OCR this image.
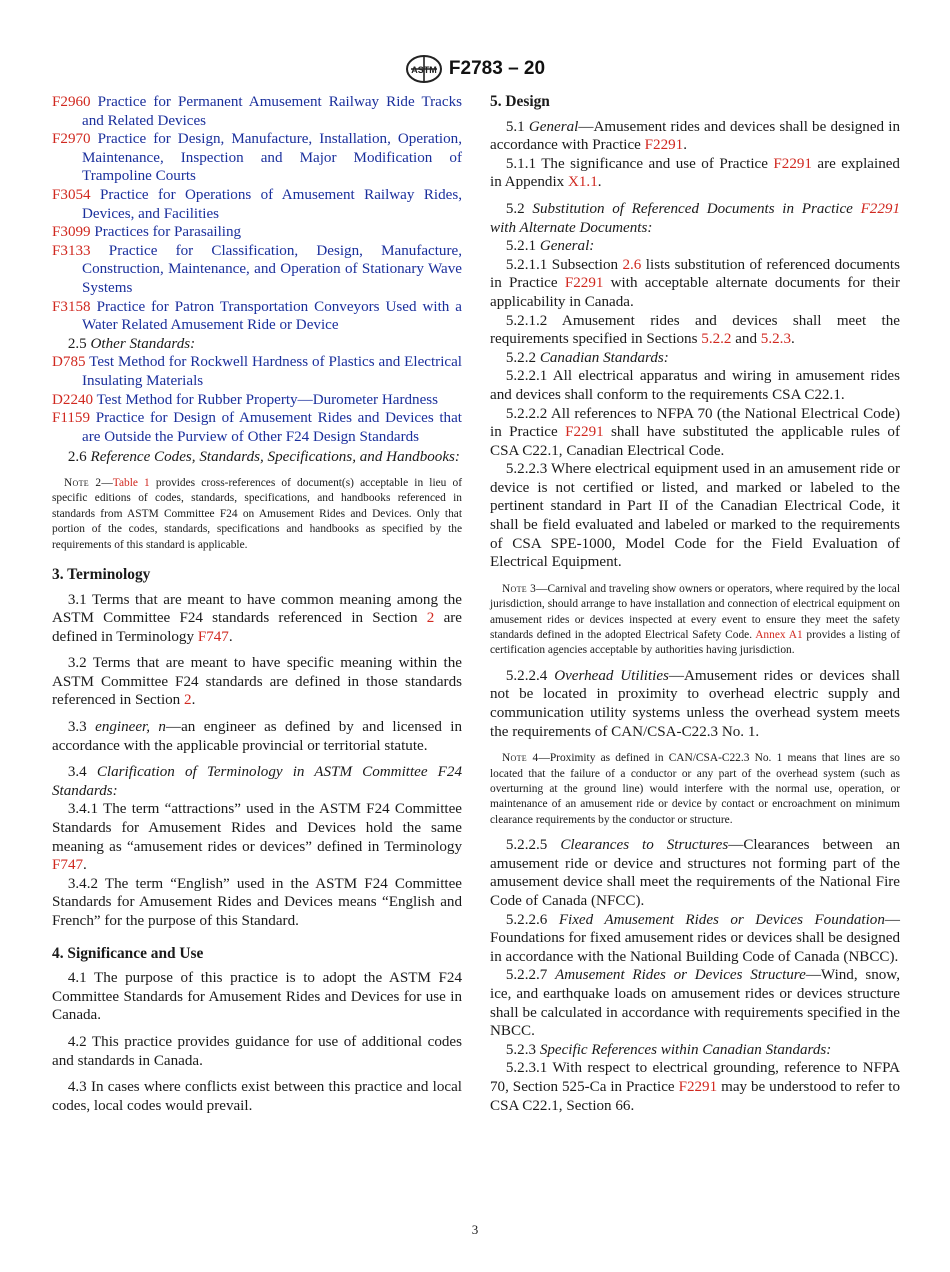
ASTM F2783 – 20

F2960 Practice for Permanent Amusement Railway Ride Tracks and Related Devices

F2970 Practice for Design, Manufacture, Installation, Operation, Maintenance, Inspection and Major Modification of Trampoline Courts

F3054 Practice for Operations of Amusement Railway Rides, Devices, and Facilities

F3099 Practices for Parasailing

F3133 Practice for Classification, Design, Manufacture, Construction, Maintenance, and Operation of Stationary Wave Systems

F3158 Practice for Patron Transportation Conveyors Used with a Water Related Amusement Ride or Device

2.5 Other Standards:

D785 Test Method for Rockwell Hardness of Plastics and Electrical Insulating Materials

D2240 Test Method for Rubber Property—Durometer Hardness

F1159 Practice for Design of Amusement Rides and Devices that are Outside the Purview of Other F24 Design Standards

2.6 Reference Codes, Standards, Specifications, and Handbooks:

Note 2—Table 1 provides cross-references of document(s) acceptable in lieu of specific editions of codes, standards, specifications, and handbooks referenced in standards from ASTM Committee F24 on Amusement Rides and Devices. Only that portion of the codes, standards, specifications and handbooks as specified by the requirements of this standard is applicable.

3. Terminology

3.1 Terms that are meant to have common meaning among the ASTM Committee F24 standards referenced in Section 2 are defined in Terminology F747.

3.2 Terms that are meant to have specific meaning within the ASTM Committee F24 standards are defined in those standards referenced in Section 2.

3.3 engineer, n—an engineer as defined by and licensed in accordance with the applicable provincial or territorial statute.

3.4 Clarification of Terminology in ASTM Committee F24 Standards:

3.4.1 The term “attractions” used in the ASTM F24 Committee Standards for Amusement Rides and Devices hold the same meaning as “amusement rides or devices” defined in Terminology F747.

3.4.2 The term “English” used in the ASTM F24 Committee Standards for Amusement Rides and Devices means “English and French” for the purpose of this Standard.

4. Significance and Use

4.1 The purpose of this practice is to adopt the ASTM F24 Committee Standards for Amusement Rides and Devices for use in Canada.

4.2 This practice provides guidance for use of additional codes and standards in Canada.

4.3 In cases where conflicts exist between this practice and local codes, local codes would prevail.

5. Design

5.1 General—Amusement rides and devices shall be designed in accordance with Practice F2291.

5.1.1 The significance and use of Practice F2291 are explained in Appendix X1.1.

5.2 Substitution of Referenced Documents in Practice F2291 with Alternate Documents:

5.2.1 General:

5.2.1.1 Subsection 2.6 lists substitution of referenced documents in Practice F2291 with acceptable alternate documents for their applicability in Canada.

5.2.1.2 Amusement rides and devices shall meet the requirements specified in Sections 5.2.2 and 5.2.3.

5.2.2 Canadian Standards:

5.2.2.1 All electrical apparatus and wiring in amusement rides and devices shall conform to the requirements CSA C22.1.

5.2.2.2 All references to NFPA 70 (the National Electrical Code) in Practice F2291 shall have substituted the applicable rules of CSA C22.1, Canadian Electrical Code.

5.2.2.3 Where electrical equipment used in an amusement ride or device is not certified or listed, and marked or labeled to the pertinent standard in Part II of the Canadian Electrical Code, it shall be field evaluated and labeled or marked to the requirements of CSA SPE-1000, Model Code for the Field Evaluation of Electrical Equipment.

Note 3—Carnival and traveling show owners or operators, where required by the local jurisdiction, should arrange to have installation and connection of electrical equipment on amusement rides or devices inspected at every event to ensure they meet the safety standards defined in the adopted Electrical Safety Code. Annex A1 provides a listing of certification agencies acceptable by authorities having jurisdiction.

5.2.2.4 Overhead Utilities—Amusement rides or devices shall not be located in proximity to overhead electric supply and communication utility systems unless the overhead system meets the requirements of CAN/CSA-C22.3 No. 1.

Note 4—Proximity as defined in CAN/CSA-C22.3 No. 1 means that lines are so located that the failure of a conductor or any part of the overhead system (such as overturning at the ground line) would interfere with the normal use, operation, or maintenance of an amusement ride or device by contact or encroachment on minimum clearance requirements by the conductor or structure.

5.2.2.5 Clearances to Structures—Clearances between an amusement ride or device and structures not forming part of the amusement device shall meet the requirements of the National Fire Code of Canada (NFCC).

5.2.2.6 Fixed Amusement Rides or Devices Foundation—Foundations for fixed amusement rides or devices shall be designed in accordance with the National Building Code of Canada (NBCC).

5.2.2.7 Amusement Rides or Devices Structure—Wind, snow, ice, and earthquake loads on amusement rides or devices structure shall be calculated in accordance with requirements specified in the NBCC.

5.2.3 Specific References within Canadian Standards:

5.2.3.1 With respect to electrical grounding, reference to NFPA 70, Section 525-Ca in Practice F2291 may be understood to refer to CSA C22.1, Section 66.

3
